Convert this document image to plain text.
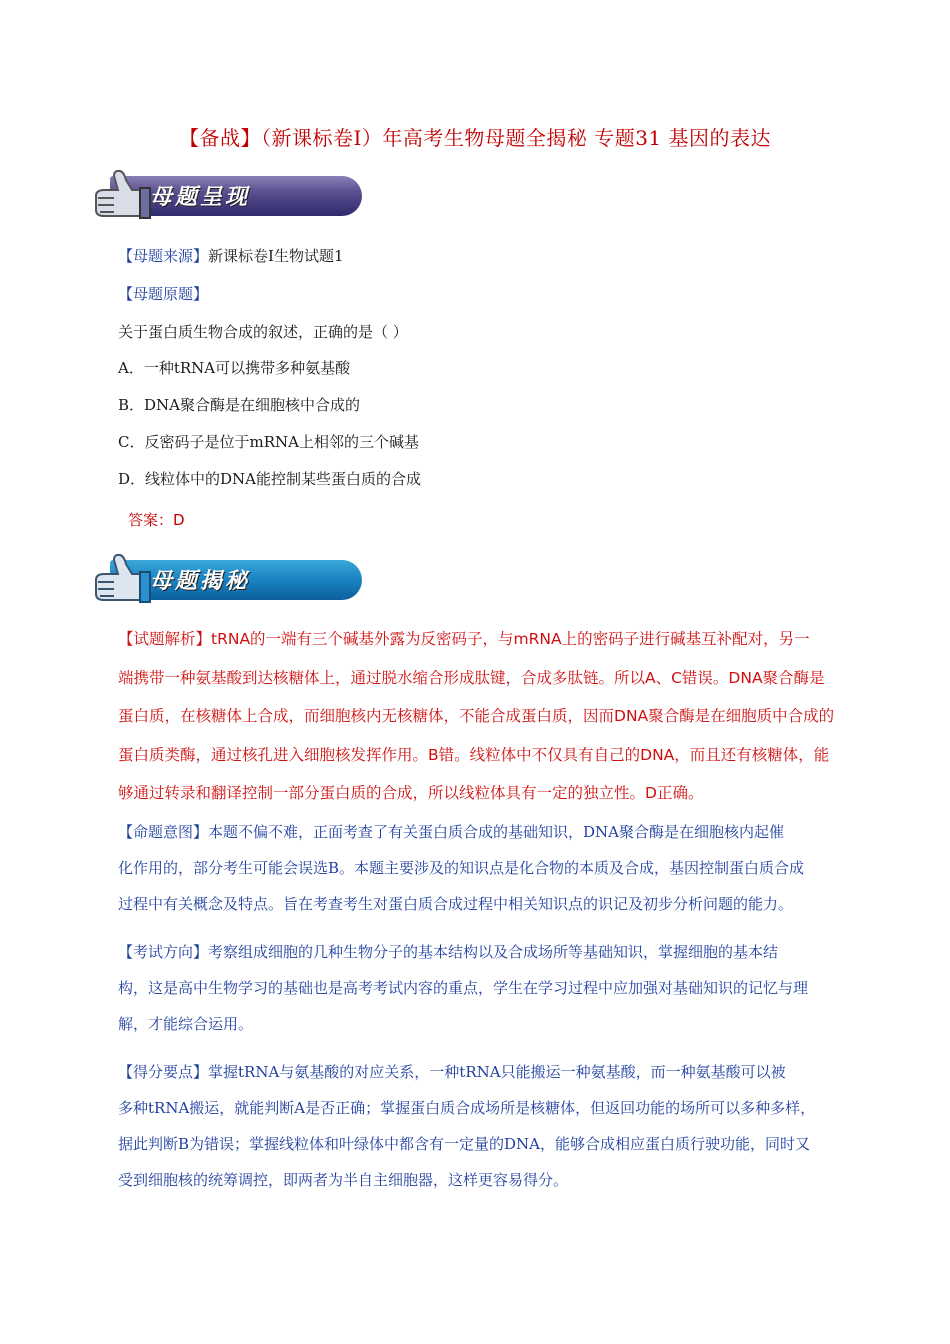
【备战】（新课标卷Ⅰ）年高考生物母题全揭秘 专题31 基因的表达
母题呈现
【母题来源】新课标卷Ⅰ生物试题1
【母题原题】
关于蛋白质生物合成的叙述，正确的是（ ）
A．一种tRNA可以携带多种氨基酸
B．DNA聚合酶是在细胞核中合成的
C．反密码子是位于mRNA上相邻的三个碱基
D．线粒体中的DNA能控制某些蛋白质的合成
答案：D
母题揭秘
【试题解析】tRNA的一端有三个碱基外露为反密码子，与mRNA上的密码子进行碱基互补配对，另一
端携带一种氨基酸到达核糖体上，通过脱水缩合形成肽键，合成多肽链。所以A、C错误。DNA聚合酶是
蛋白质，在核糖体上合成，而细胞核内无核糖体，不能合成蛋白质，因而DNA聚合酶是在细胞质中合成的
蛋白质类酶，通过核孔进入细胞核发挥作用。B错。线粒体中不仅具有自己的DNA，而且还有核糖体，能
够通过转录和翻译控制一部分蛋白质的合成，所以线粒体具有一定的独立性。D正确。
【命题意图】本题不偏不难，正面考查了有关蛋白质合成的基础知识，DNA聚合酶是在细胞核内起催
化作用的，部分考生可能会误选B。本题主要涉及的知识点是化合物的本质及合成，基因控制蛋白质合成
过程中有关概念及特点。旨在考查考生对蛋白质合成过程中相关知识点的识记及初步分析问题的能力。
【考试方向】考察组成细胞的几种生物分子的基本结构以及合成场所等基础知识，掌握细胞的基本结
构，这是高中生物学习的基础也是高考考试内容的重点，学生在学习过程中应加强对基础知识的记忆与理
解，才能综合运用。
【得分要点】掌握tRNA与氨基酸的对应关系，一种tRNA只能搬运一种氨基酸，而一种氨基酸可以被
多种tRNA搬运，就能判断A是否正确；掌握蛋白质合成场所是核糖体，但返回功能的场所可以多种多样，
据此判断B为错误；掌握线粒体和叶绿体中都含有一定量的DNA，能够合成相应蛋白质行驶功能，同时又
受到细胞核的统筹调控，即两者为半自主细胞器，这样更容易得分。
